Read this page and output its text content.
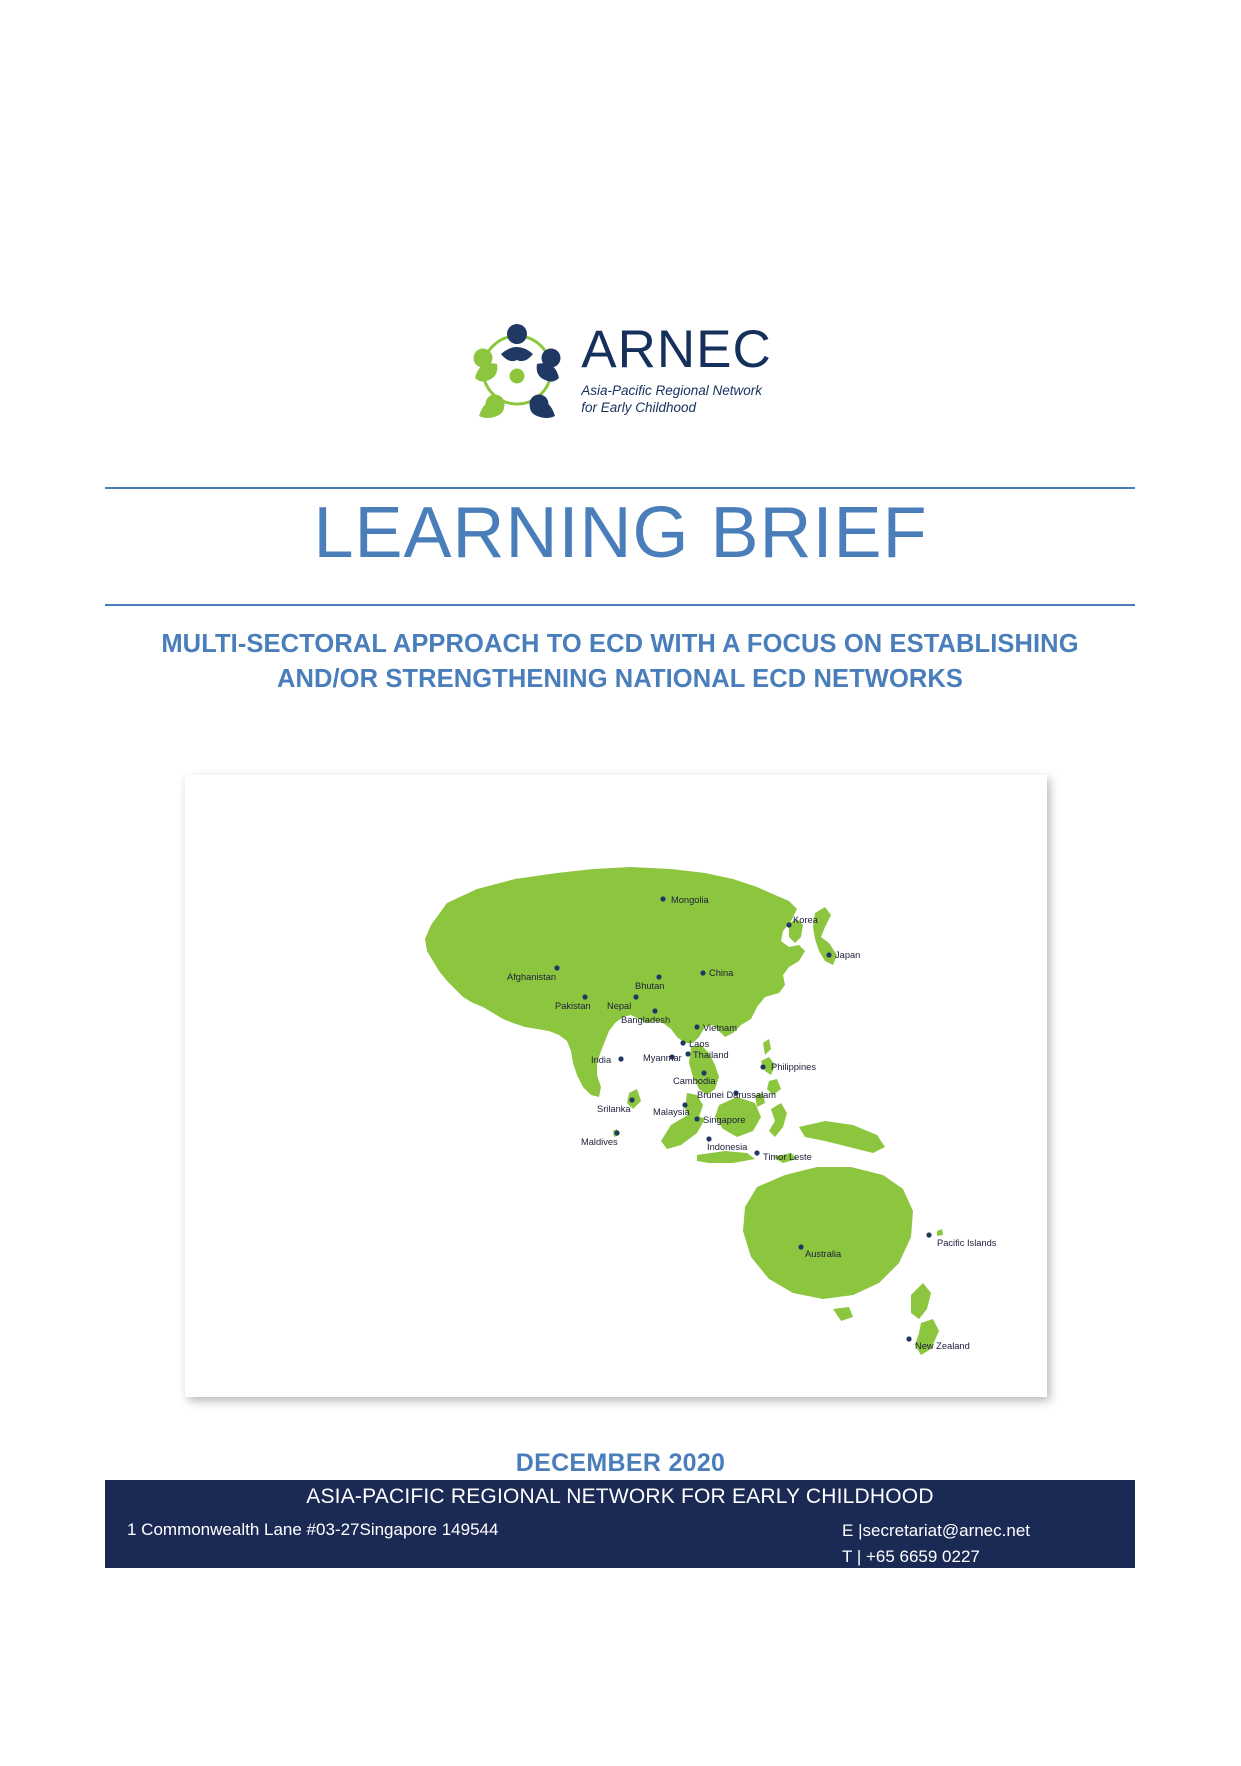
ARNEC
Asia-Pacific Regional Network
for Early Childhood
LEARNING BRIEF
MULTI-SECTORAL APPROACH TO ECD WITH A FOCUS ON ESTABLISHING AND/OR STRENGTHENING NATIONAL ECD NETWORKS
Mongolia
Korea
Japan
China
Afghanistan
Pakistan
Bhutan
Nepal
Bangladesh
Vietnam
Laos
Myanmar Thailand
India
Philippines
Cambodia
Brunei Darussalam
Srilanka Malaysia
Singapore
Maldives	Indonesia
Timor Leste
Australia
Pacific Islands
New Zealand
DECEMBER 2020
ASIA-PACIFIC REGIONAL NETWORK FOR EARLY CHILDHOOD
1 Commonwealth Lane #03-27Singapore 149544	E |secretariat@arnec.net
T | +65 6659 0227
